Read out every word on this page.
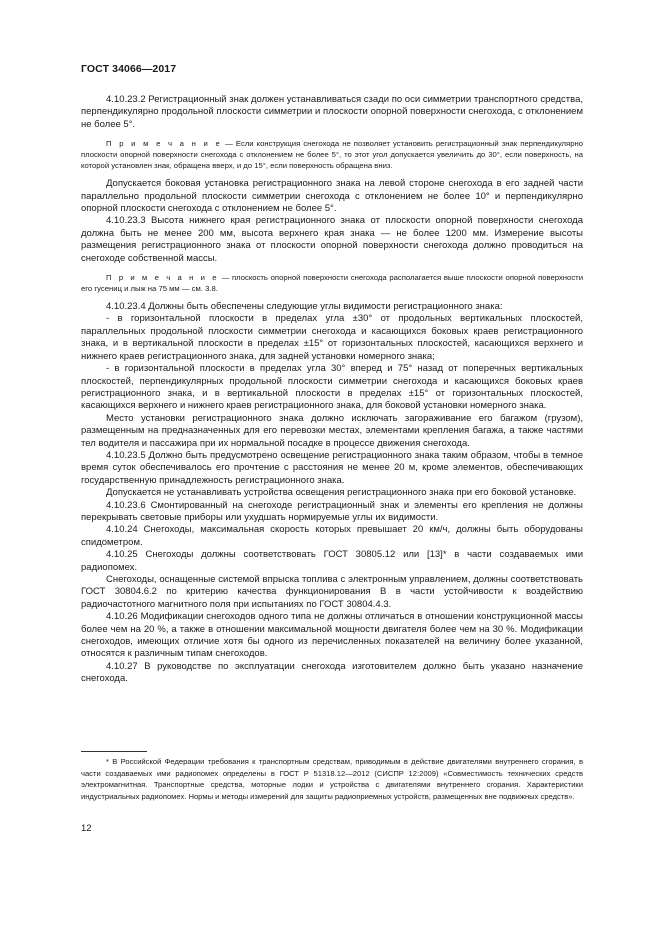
ГОСТ 34066—2017

4.10.23.2 Регистрационный знак должен устанавливаться сзади по оси симметрии транспортного средства, перпендикулярно продольной плоскости симметрии и плоскости опорной поверхности снегохода, с отклонением не более 5°.

П р и м е ч а н и е — Если конструкция снегохода не позволяет установить регистрационный знак перпендикулярно плоскости опорной поверхности снегохода с отклонением не более 5°, то этот угол допускается увеличить до 30°, если поверхность, на которой установлен знак, обращена вверх, и до 15°, если поверхность обращена вниз.

Допускается боковая установка регистрационного знака на левой стороне снегохода в его задней части параллельно продольной плоскости симметрии снегохода с отклонением не более 10° и перпендикулярно опорной плоскости снегохода с отклонением не более 5°.

4.10.23.3 Высота нижнего края регистрационного знака от плоскости опорной поверхности снегохода должна быть не менее 200 мм, высота верхнего края знака — не более 1200 мм. Измерение высоты размещения регистрационного знака от плоскости опорной поверхности снегохода должно проводиться на снегоходе собственной массы.

П р и м е ч а н и е — плоскость опорной поверхности снегохода располагается выше плоскости опорной поверхности его гусениц и лыж на 75 мм — см. 3.8.

4.10.23.4 Должны быть обеспечены следующие углы видимости регистрационного знака:

- в горизонтальной плоскости в пределах угла ±30° от продольных вертикальных плоскостей, параллельных продольной плоскости симметрии снегохода и касающихся боковых краев регистрационного знака, и в вертикальной плоскости в пределах ±15° от горизонтальных плоскостей, касающихся верхнего и нижнего краев регистрационного знака, для задней установки номерного знака;

- в горизонтальной плоскости в пределах угла 30° вперед и 75° назад от поперечных вертикальных плоскостей, перпендикулярных продольной плоскости симметрии снегохода и касающихся боковых краев регистрационного знака, и в вертикальной плоскости в пределах ±15° от горизонтальных плоскостей, касающихся верхнего и нижнего краев регистрационного знака, для боковой установки номерного знака.

Место установки регистрационного знака должно исключать загораживание его багажом (грузом), размещенным на предназначенных для его перевозки местах, элементами крепления багажа, а также частями тел водителя и пассажира при их нормальной посадке в процессе движения снегохода.

4.10.23.5 Должно быть предусмотрено освещение регистрационного знака таким образом, чтобы в темное время суток обеспечивалось его прочтение с расстояния не менее 20 м, кроме элементов, обеспечивающих государственную принадлежность регистрационного знака.

Допускается не устанавливать устройства освещения регистрационного знака при его боковой установке.

4.10.23.6 Смонтированный на снегоходе регистрационный знак и элементы его крепления не должны перекрывать световые приборы или ухудшать нормируемые углы их видимости.

4.10.24 Снегоходы, максимальная скорость которых превышает 20 км/ч, должны быть оборудованы спидометром.

4.10.25 Снегоходы должны соответствовать ГОСТ 30805.12 или [13]* в части создаваемых ими радиопомех.

Снегоходы, оснащенные системой впрыска топлива с электронным управлением, должны соответствовать ГОСТ 30804.6.2 по критерию качества функционирования В в части устойчивости к воздействию радиочастотного магнитного поля при испытаниях по ГОСТ 30804.4.3.

4.10.26 Модификации снегоходов одного типа не должны отличаться в отношении конструкционной массы более чем на 20 %, а также в отношении максимальной мощности двигателя более чем на 30 %. Модификации снегоходов, имеющих отличие хотя бы одного из перечисленных показателей на величину более указанной, относятся к различным типам снегоходов.

4.10.27 В руководстве по эксплуатации снегохода изготовителем должно быть указано назначение снегохода.

* В Российской Федерации требования к транспортным средствам, приводимым в действие двигателями внутреннего сгорания, в части создаваемых ими радиопомех определены в ГОСТ Р 51318.12—2012 (СИСПР 12:2009) «Совместимость технических средств электромагнитная. Транспортные средства, моторные лодки и устройства с двигателями внутреннего сгорания. Характеристики индустриальных радиопомех. Нормы и методы измерений для защиты радиоприемных устройств, размещенных вне подвижных средств».

12
